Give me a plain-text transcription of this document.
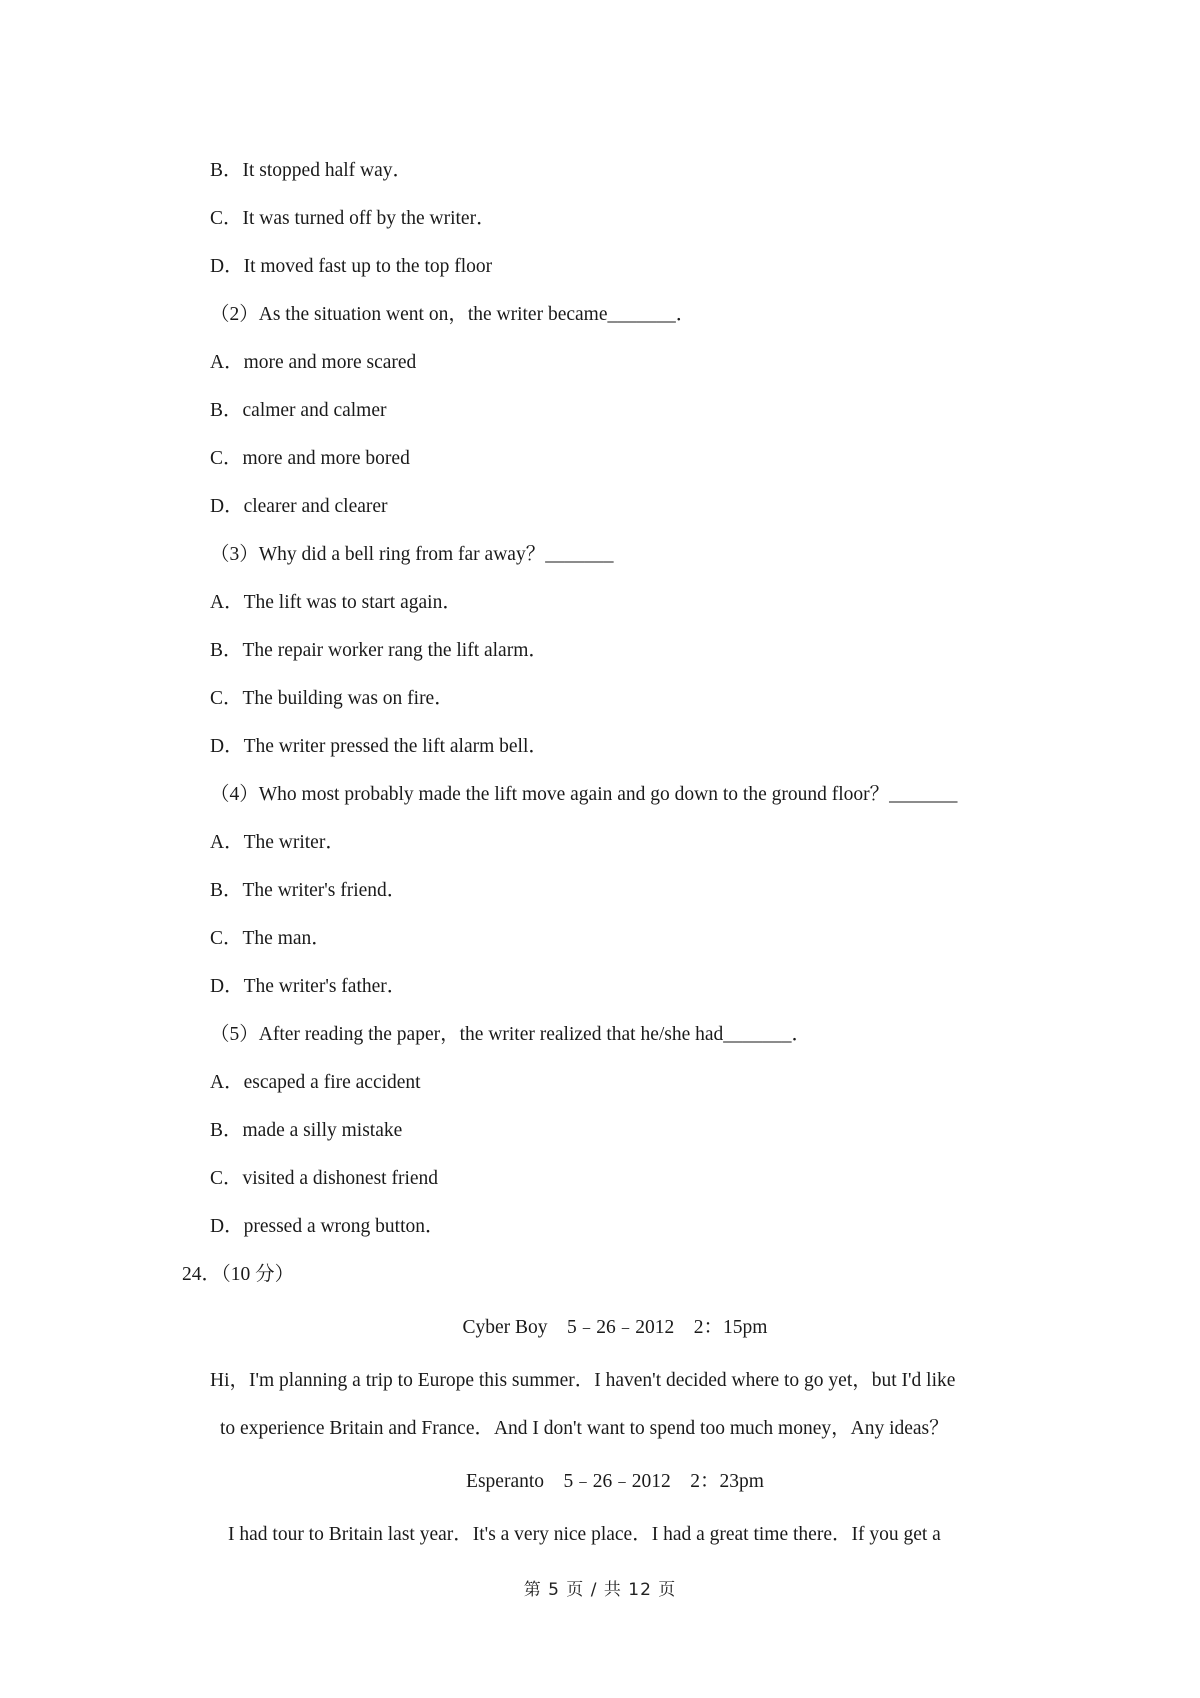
B．It stopped half way．
C．It was turned off by the writer．
D．It moved fast up to the top floor
（2）As the situation went on，the writer became_______．
A．more and more scared
B．calmer and calmer
C．more and more bored
D．clearer and clearer
（3）Why did a bell ring from far away？_______
A．The lift was to start again．
B．The repair worker rang the lift alarm．
C．The building was on fire．
D．The writer pressed the lift alarm bell．
（4）Who most probably made the lift move again and go down to the ground floor？_______
A．The writer．
B．The writer's friend．
C．The man．
D．The writer's father．
（5）After reading the paper，the writer realized that he/she had_______．
A．escaped a fire accident
B．made a silly mistake
C．visited a dishonest friend
D．pressed a wrong button．
24．（10 分）
Cyber Boy　5﹣26﹣2012　2：15pm
Hi，I'm planning a trip to Europe this summer．I haven't decided where to go yet，but I'd like
to experience Britain and France．And I don't want to spend too much money，Any ideas？
Esperanto　5﹣26﹣2012　2：23pm
I had tour to Britain last year．It's a very nice place．I had a great time there．If you get a
第 5 页 / 共 12 页
